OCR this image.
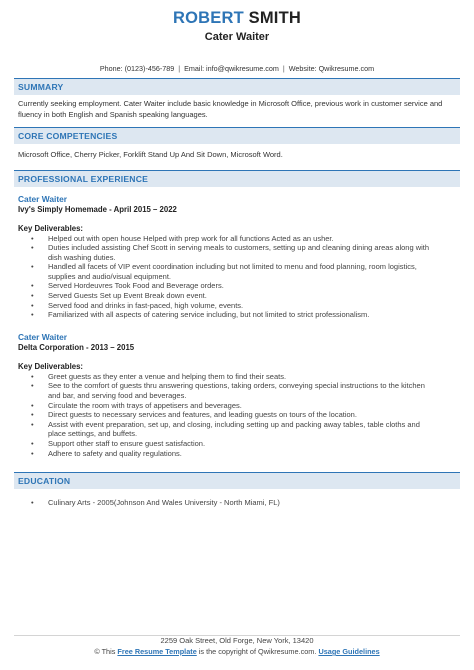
ROBERT SMITH
Cater Waiter
Phone: (0123)-456-789 | Email: info@qwikresume.com | Website: Qwikresume.com
SUMMARY
Currently seeking employment. Cater Waiter include basic knowledge in Microsoft Office, previous work in customer service and fluency in both English and Spanish speaking languages.
CORE COMPETENCIES
Microsoft Office, Cherry Picker, Forklift Stand Up And Sit Down, Microsoft Word.
PROFESSIONAL EXPERIENCE
Cater Waiter
Ivy's Simply Homemade - April 2015 – 2022
Key Deliverables:
• Helped out with open house Helped with prep work for all functions Acted as an usher.
• Duties included assisting Chef Scott in serving meals to customers, setting up and cleaning dining areas along with dish washing duties.
• Handled all facets of VIP event coordination including but not limited to menu and food planning, room logistics, supplies and audio/visual equipment.
• Served Hordeuvres Took Food and Beverage orders.
• Served Guests Set up Event Break down event.
• Served food and drinks in fast-paced, high volume, events.
• Familiarized with all aspects of catering service including, but not limited to strict professionalism.
Cater Waiter
Delta Corporation - 2013 – 2015
Key Deliverables:
• Greet guests as they enter a venue and helping them to find their seats.
• See to the comfort of guests thru answering questions, taking orders, conveying special instructions to the kitchen and bar, and serving food and beverages.
• Circulate the room with trays of appetisers and beverages.
• Direct guests to necessary services and features, and leading guests on tours of the location.
• Assist with event preparation, set up, and closing, including setting up and packing away tables, table cloths and place settings, and buffets.
• Support other staff to ensure guest satisfaction.
• Adhere to safety and quality regulations.
EDUCATION
• Culinary Arts - 2005(Johnson And Wales University - North Miami, FL)
2259 Oak Street, Old Forge, New York, 13420
© This Free Resume Template is the copyright of Qwikresume.com. Usage Guidelines
